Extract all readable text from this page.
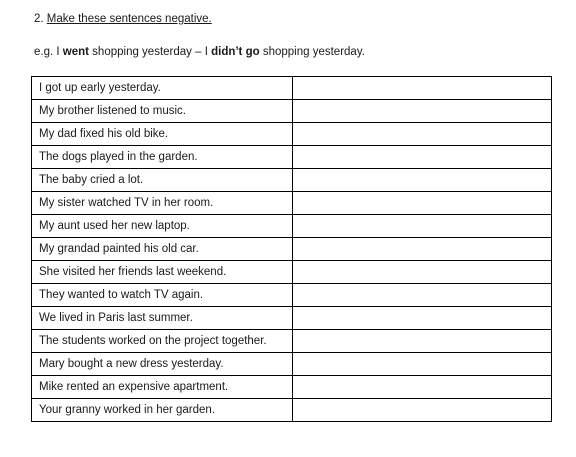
2. Make these sentences negative.
e.g. I went shopping yesterday – I didn’t go shopping yesterday.
I got up early yesterday.	
My brother listened to music.	
My dad fixed his old bike.	
The dogs played in the garden.	
The baby cried a lot.	
My sister watched TV in her room.	
My aunt used her new laptop.	
My grandad painted his old car.	
She visited her friends last weekend.	
They wanted to watch TV again.	
We lived in Paris last summer.	
The students worked on the project together.	
Mary bought a new dress yesterday.	
Mike rented an expensive apartment.	
Your granny worked in her garden.	
